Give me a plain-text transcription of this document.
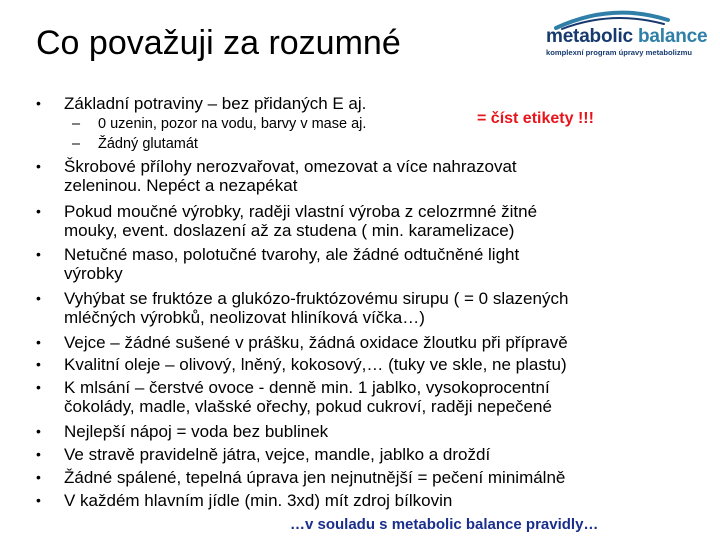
Co považuji za rozumné	metabolic balance
komplexní program úpravy metabolizmu
•	Základní potraviny – bez přidaných E aj.
– 0 uzenin, pozor na vodu, barvy v mase aj.
– Žádný glutamát
= číst etikety !!!
•	Škrobové přílohy nerozvařovat, omezovat a více nahrazovat
zeleninou. Nepéct a nezapékat
•	Pokud moučné výrobky, raději vlastní výroba z celozrmné žitné
mouky, event. doslazení až za studena ( min. karamelizace)
•	Netučné maso, polotučné tvarohy, ale žádné odtučněné light
výrobky
•	Vyhýbat se fruktóze a glukózo-fruktózovému sirupu ( = 0 slazených
mléčných výrobků, neolizovat hliníková víčka…)
•	Vejce – žádné sušené v prášku, žádná oxidace žloutku při přípravě
•	Kvalitní oleje – olivový, lněný, kokosový,… (tuky ve skle, ne plastu)
•	K mlsání – čerstvé ovoce - denně min. 1 jablko, vysokoprocentní
čokolády, madle, vlašské ořechy, pokud cukroví, raději nepečené
•	Nejlepší nápoj = voda bez bublinek
•	Ve stravě pravidelně játra, vejce, mandle, jablko a droždí
•	Žádné spálené, tepelná úprava jen nejnutnější = pečení minimálně
•	V každém hlavním jídle (min. 3xd) mít zdroj bílkovin
…v souladu s metabolic balance pravidly…
